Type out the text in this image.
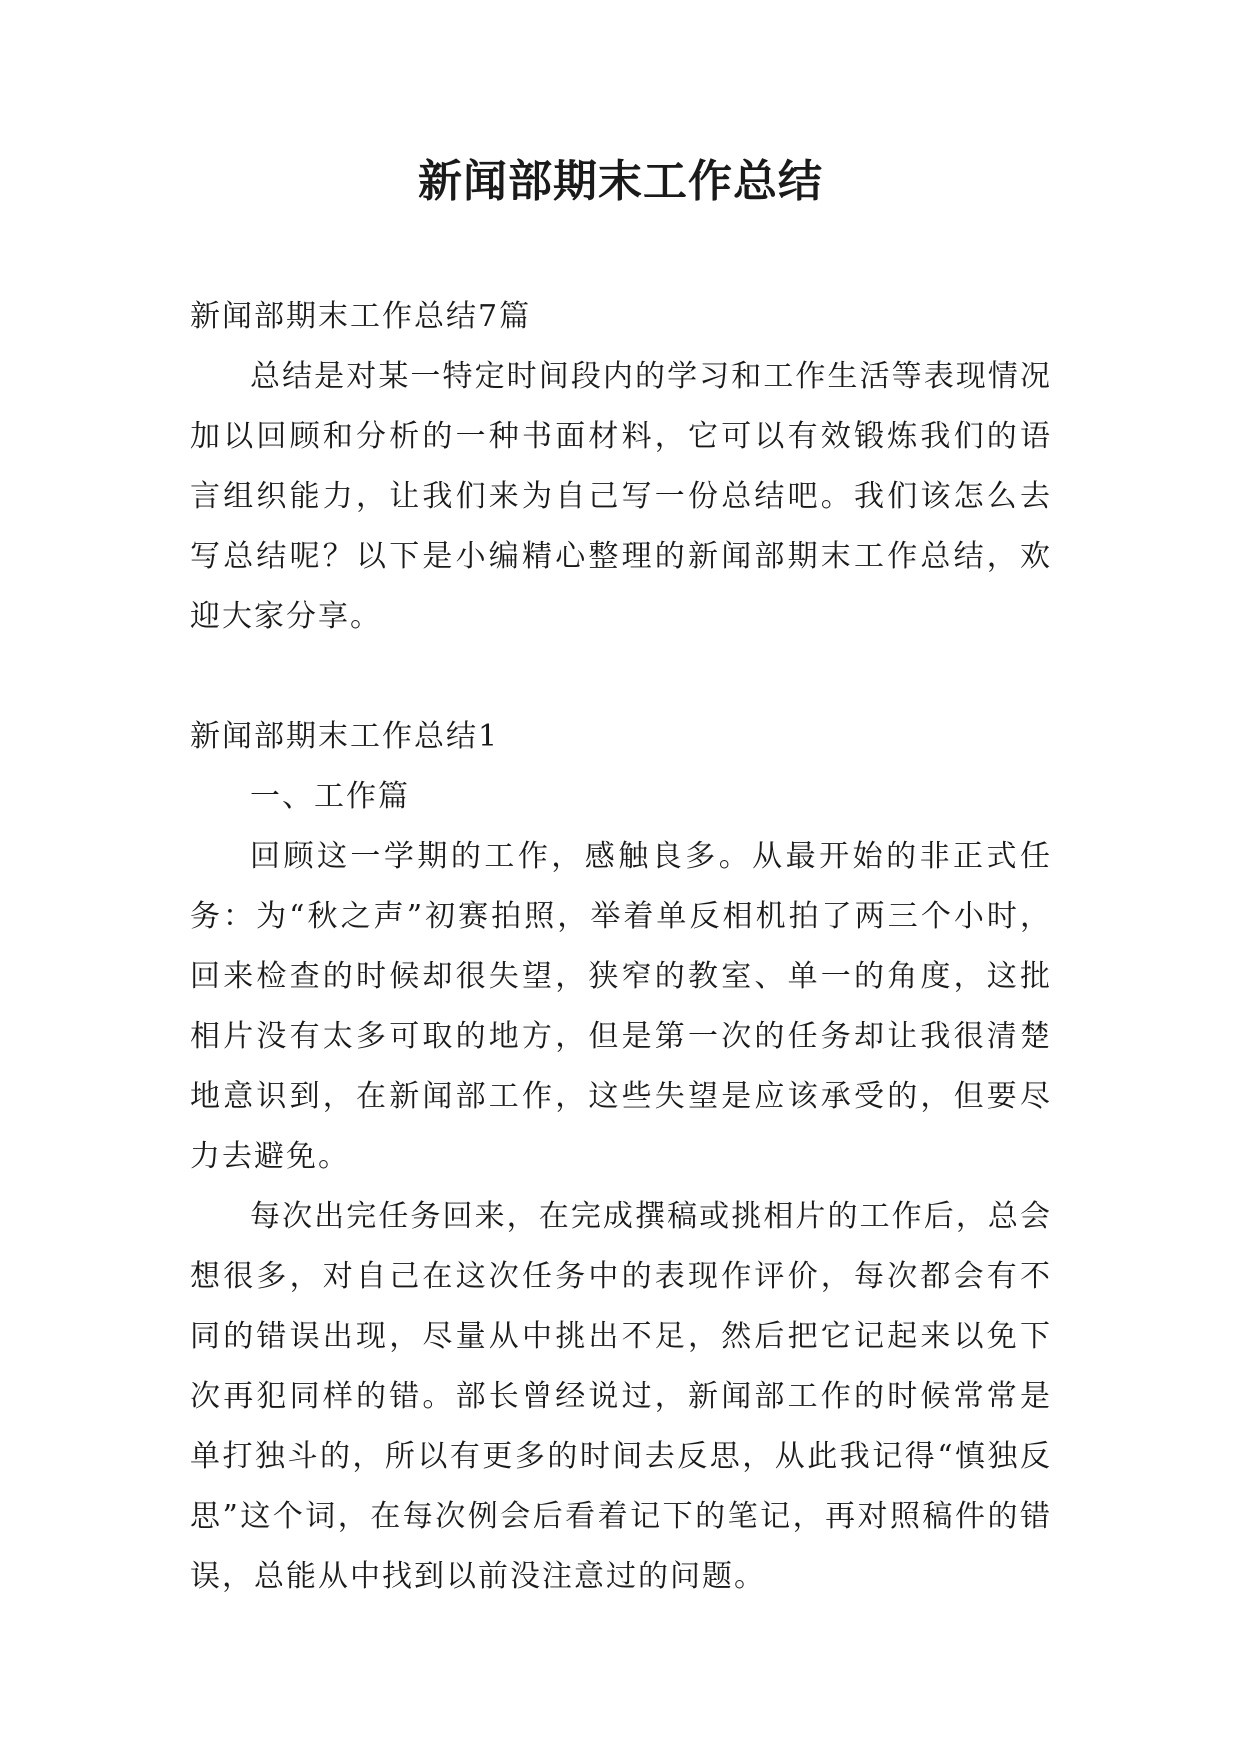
新闻部期末工作总结

新闻部期末工作总结7篇

总结是对某一特定时间段内的学习和工作生活等表现情况加以回顾和分析的一种书面材料，它可以有效锻炼我们的语言组织能力，让我们来为自己写一份总结吧。我们该怎么去写总结呢？以下是小编精心整理的新闻部期末工作总结，欢迎大家分享。

新闻部期末工作总结1

一、工作篇

回顾这一学期的工作，感触良多。从最开始的非正式任务：为“秋之声”初赛拍照，举着单反相机拍了两三个小时，回来检查的时候却很失望，狭窄的教室、单一的角度，这批相片没有太多可取的地方，但是第一次的任务却让我很清楚地意识到，在新闻部工作，这些失望是应该承受的，但要尽力去避免。

每次出完任务回来，在完成撰稿或挑相片的工作后，总会想很多，对自己在这次任务中的表现作评价，每次都会有不同的错误出现，尽量从中挑出不足，然后把它记起来以免下次再犯同样的错。部长曾经说过，新闻部工作的时候常常是单打独斗的，所以有更多的时间去反思，从此我记得“慎独反思”这个词，在每次例会后看着记下的笔记，再对照稿件的错误，总能从中找到以前没注意过的问题。
